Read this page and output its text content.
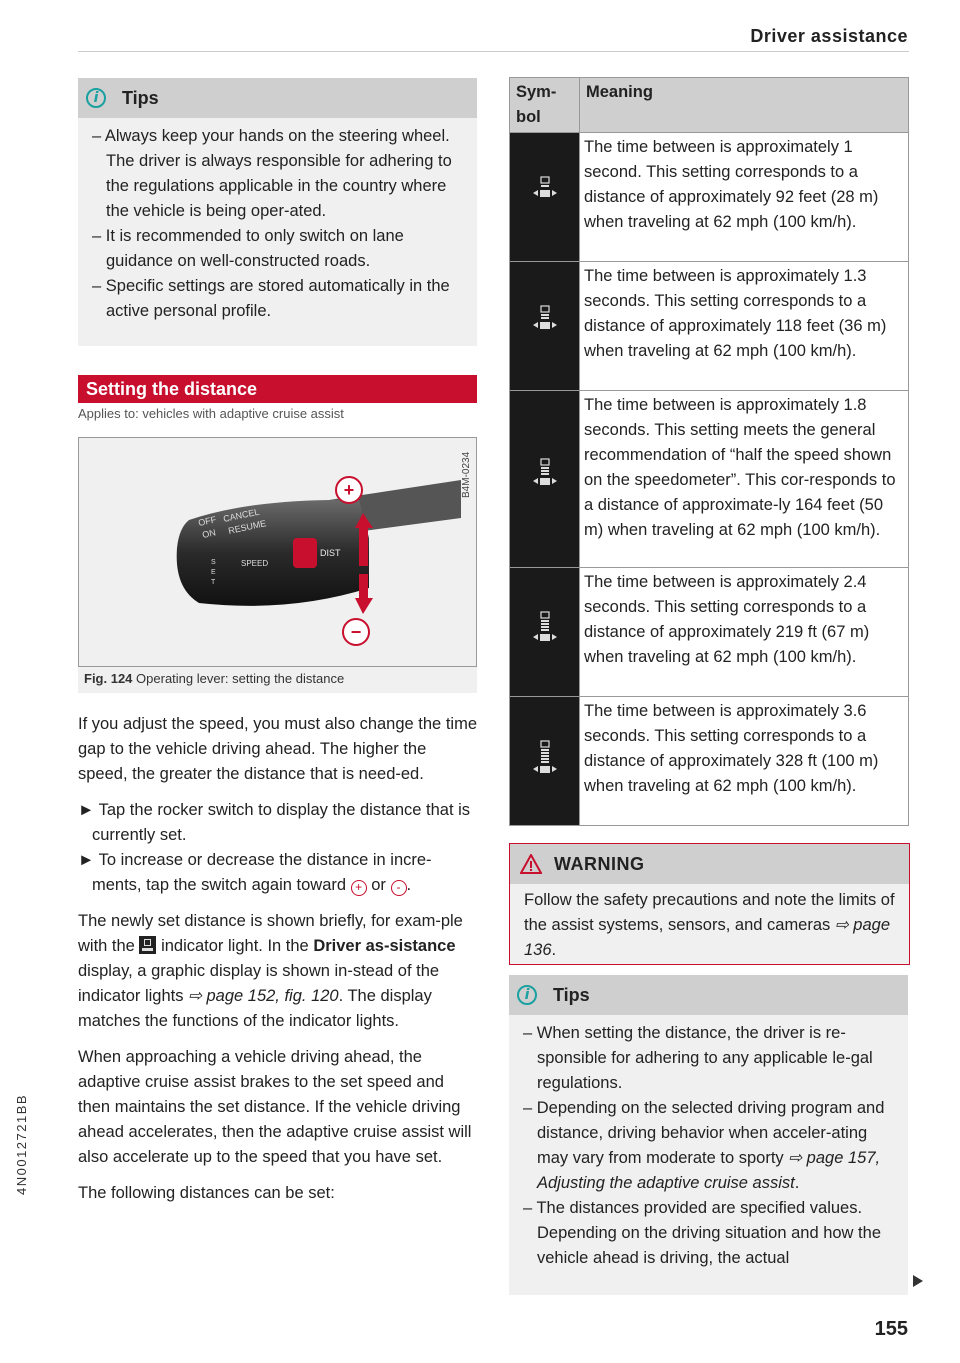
Driver assistance
4N0012721BB
i	Tips
– Always keep your hands on the steering wheel. The driver is always responsible for adhering to the regulations applicable in the country where the vehicle is being oper-ated.
– It is recommended to only switch on lane guidance on well-constructed roads.
– Specific settings are stored automatically in the active personal profile.
Setting the distance
Applies to: vehicles with adaptive cruise assist
OFF CANCEL
ON RESUME
SPEED
S
E
T
DIST
+
−
B4M-0234
Fig. 124 Operating lever: setting the distance

If you adjust the speed, you must also change the time gap to the vehicle driving ahead. The higher the speed, the greater the distance that is need-ed.

► Tap the rocker switch to display the distance that is currently set.

► To increase or decrease the distance in incre-ments, tap the switch again toward + or - .

The newly set distance is shown briefly, for exam-ple with the indicator light. In the Driver as-sistance display, a graphic display is shown in-stead of the indicator lights ⇨ page 152, fig. 120. The display matches the functions of the indicator lights.

When approaching a vehicle driving ahead, the adaptive cruise assist brakes to the set speed and then maintains the set distance. If the vehicle driving ahead accelerates, then the adaptive cruise assist will also accelerate up to the speed that you have set.

The following distances can be set:

Sym-bol	Meaning
	The time between is approximately 1 second. This setting corresponds to a distance of approximately 92 feet (28 m) when traveling at 62 mph (100 km/h).
	The time between is approximately 1.3 seconds. This setting corresponds to a distance of approximately 118 feet (36 m) when traveling at 62 mph (100 km/h).
	The time between is approximately 1.8 seconds. This setting meets the general recommendation of “half the speed shown on the speedometer”. This cor-responds to a distance of approximate-ly 164 feet (50 m) when traveling at 62 mph (100 km/h).
	The time between is approximately 2.4 seconds. This setting corresponds to a distance of approximately 219 ft (67 m) when traveling at 62 mph (100 km/h).
	The time between is approximately 3.6 seconds. This setting corresponds to a distance of approximately 328 ft (100 m) when traveling at 62 mph (100 km/h).
WARNING
Follow the safety precautions and note the limits of the assist systems, sensors, and cameras ⇨ page 136.
i	Tips
– When setting the distance, the driver is re-sponsible for adhering to any applicable le-gal regulations.
– Depending on the selected driving program and distance, driving behavior when acceler-ating may vary from moderate to sporty ⇨ page 157, Adjusting the adaptive cruise assist.
– The distances provided are specified values. Depending on the driving situation and how the vehicle ahead is driving, the actual
155
